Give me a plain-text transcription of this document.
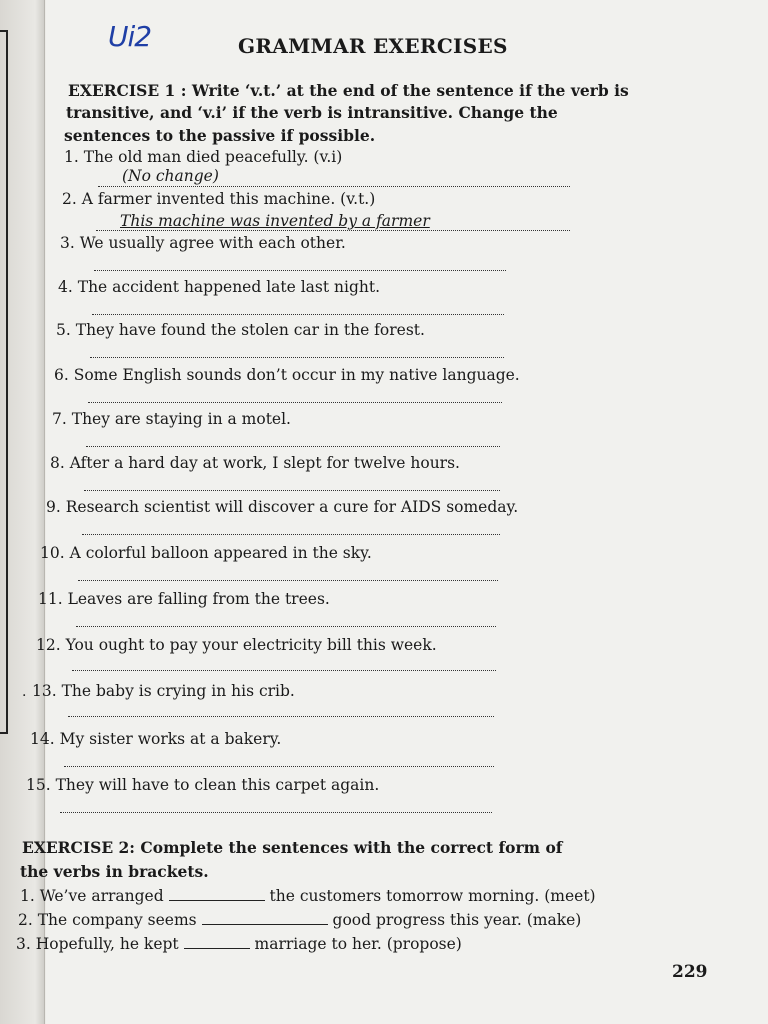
Ui2	GRAMMAR EXERCISES
EXERCISE 1 : Write ‘v.t.’ at the end of the sentence if the verb is
transitive, and ‘v.i’ if the verb is intransitive. Change the
sentences to the passive if possible.
1. The old man died peacefully. (v.i)
(No change)
2. A farmer invented this machine. (v.t.)
This machine was invented by a farmer
3. We usually agree with each other.
4. The accident happened late last night.
5. They have found the stolen car in the forest.
6. Some English sounds don’t occur in my native language.
7. They are staying in a motel.
8. After a hard day at work, I slept for twelve hours.
9. Research scientist will discover a cure for AIDS someday.
10. A colorful balloon appeared in the sky.
11. Leaves are falling from the trees.
12. You ought to pay your electricity bill this week.
· 13. The baby is crying in his crib.
14. My sister works at a bakery.
15. They will have to clean this carpet again.
EXERCISE 2: Complete the sentences with the correct form of
the verbs in brackets.
1. We’ve arranged	the customers tomorrow morning. (meet)
2. The company seems	good progress this year. (make)
3. Hopefully, he kept	marriage to her. (propose)
229
